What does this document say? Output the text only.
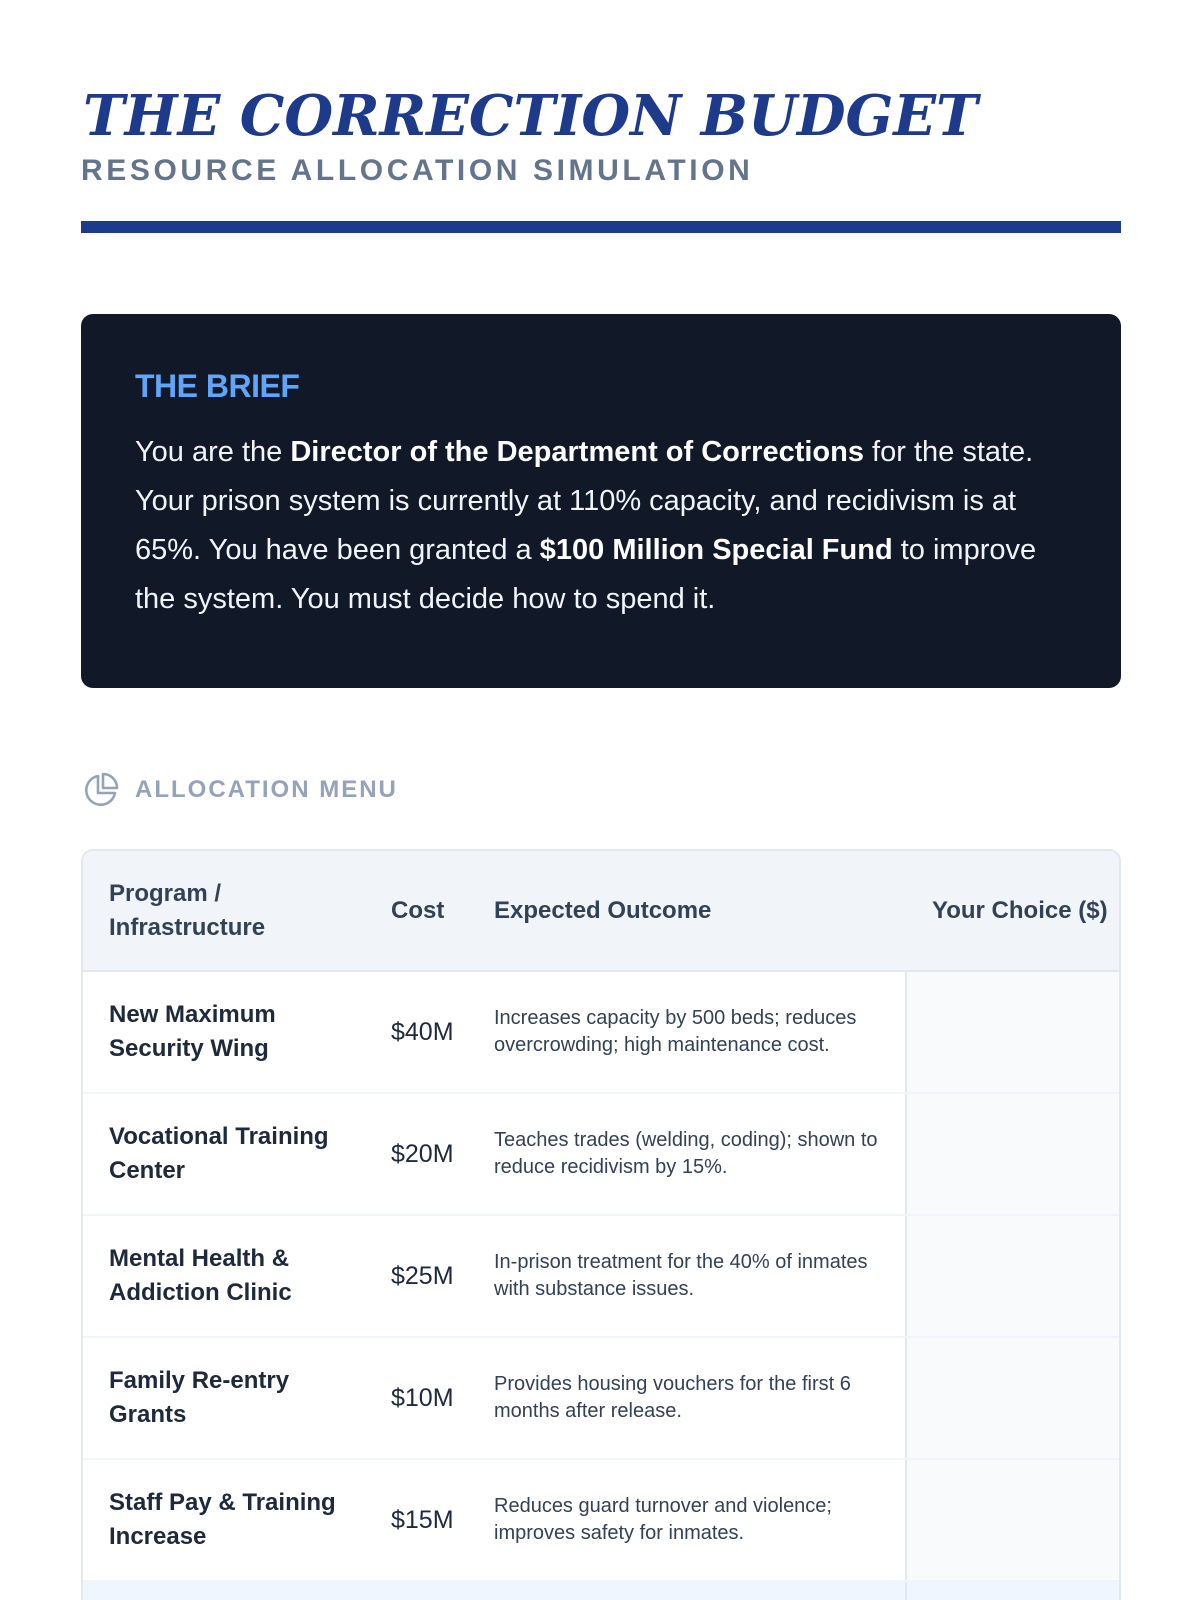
THE CORRECTION BUDGET
RESOURCE ALLOCATION SIMULATION
THE BRIEF

You are the Director of the Department of Corrections for the state. Your prison system is currently at 110% capacity, and recidivism is at 65%. You have been granted a $100 Million Special Fund to improve the system. You must decide how to spend it.

ALLOCATION MENU
Program / Infrastructure	Cost	Expected Outcome	Your Choice ($)
New Maximum Security Wing	$40M	Increases capacity by 500 beds; reduces overcrowding; high maintenance cost.	
Vocational Training Center	$20M	Teaches trades (welding, coding); shown to reduce recidivism by 15%.	
Mental Health & Addiction Clinic	$25M	In-prison treatment for the 40% of inmates with substance issues.	
Family Re-entry Grants	$10M	Provides housing vouchers for the first 6 months after release.	
Staff Pay & Training Increase	$15M	Reduces guard turnover and violence; improves safety for inmates.	
